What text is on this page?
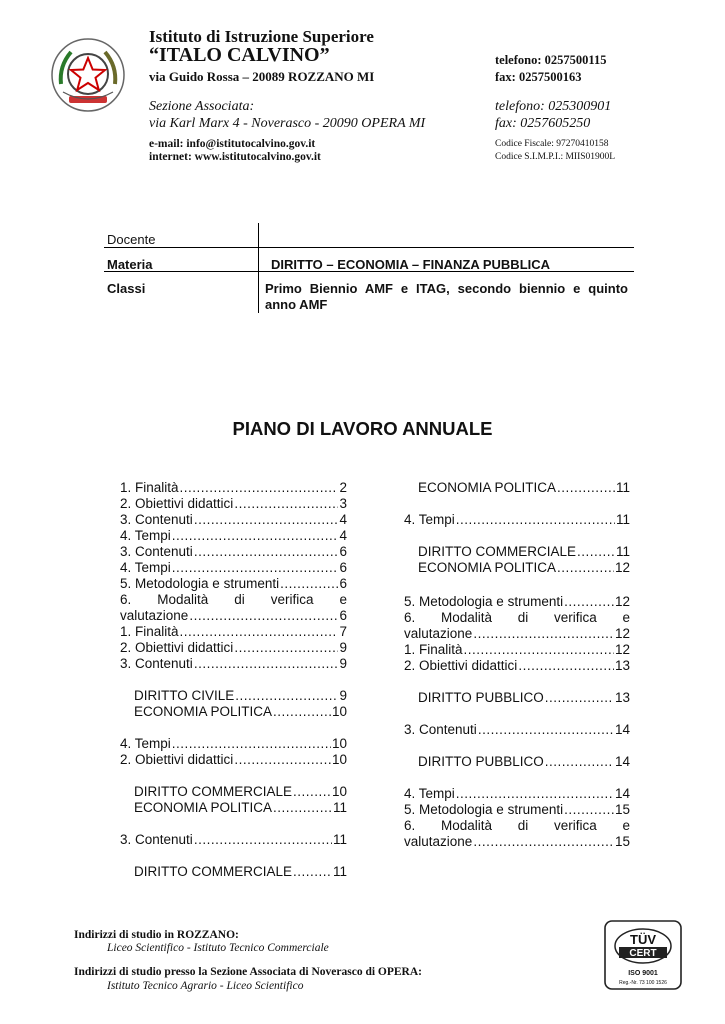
Istituto di Istruzione Superiore
“ITALO CALVINO”
via Guido Rossa – 20089 ROZZANO MI
telefono: 0257500115
fax: 0257500163
Sezione Associata:
via Karl Marx 4 - Noverasco - 20090 OPERA MI
telefono: 025300901
fax: 0257605250
e-mail: info@istitutocalvino.gov.it
internet: www.istitutocalvino.gov.it
Codice Fiscale: 97270410158
Codice S.I.M.P.I.: MIIS01900L
Docente
Materia	DIRITTO – ECONOMIA – FINANZA PUBBLICA
Classi	Primo Biennio AMF e ITAG, secondo biennio e quinto anno AMF
PIANO DI LAVORO ANNUALE
1. Finalità .....	2
2. Obiettivi didattici .....	3
3. Contenuti .....	4
4. Tempi .....	4
3. Contenuti .....	6
4. Tempi .....	6
5. Metodologia e strumenti .....	6
6. Modalità di verifica e
valutazione .....	6
1. Finalità .....	7
2. Obiettivi didattici .....	9
3. Contenuti .....	9
DIRITTO CIVILE .....	9
ECONOMIA POLITICA .....	10
4. Tempi .....	10
2. Obiettivi didattici .....	10
DIRITTO COMMERCIALE .....	10
ECONOMIA POLITICA .....	11
3. Contenuti .....	11
DIRITTO COMMERCIALE .....	11
ECONOMIA POLITICA .....	11
4. Tempi .....	11
DIRITTO COMMERCIALE .....	11
ECONOMIA POLITICA .....	12
5. Metodologia e strumenti .....	12
6. Modalità di verifica e
valutazione .....	12
1. Finalità .....	12
2. Obiettivi didattici .....	13
DIRITTO PUBBLICO .....	13
3. Contenuti .....	14
DIRITTO PUBBLICO .....	14
4. Tempi .....	14
5. Metodologia e strumenti .....	15
6. Modalità di verifica e
valutazione .....	15
Indirizzi di studio in ROZZANO:
Liceo Scientifico - Istituto Tecnico Commerciale
Indirizzi di studio presso la Sezione Associata di Noverasco di OPERA:
Istituto Tecnico Agrario - Liceo Scientifico
TÜV
CERT
ISO 9001
Reg.-Nr. 73 100 1526
